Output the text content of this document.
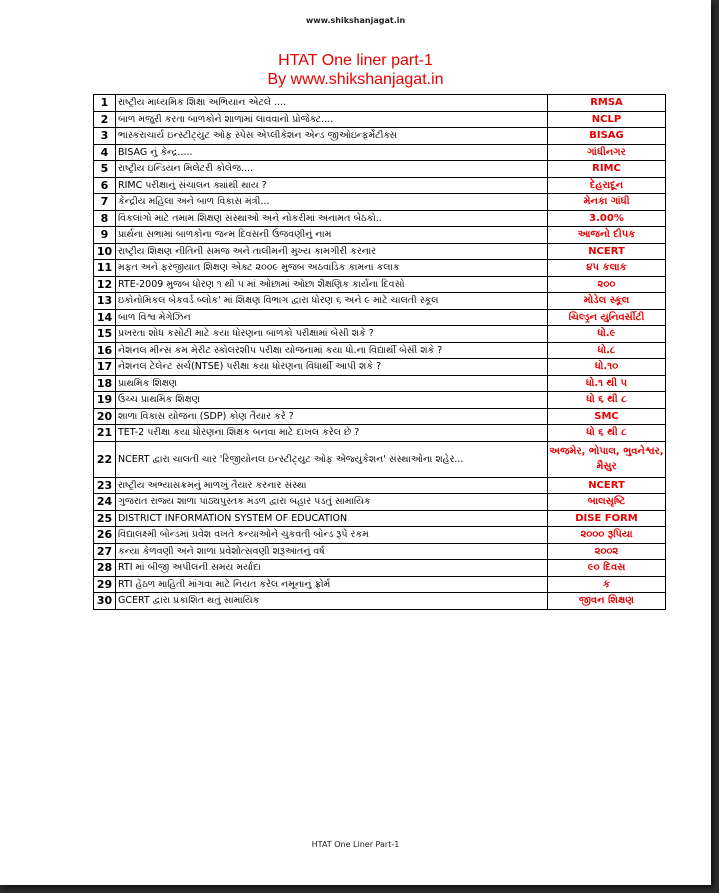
www.shikshanjagat.in
HTAT One liner part-1
By www.shikshanjagat.in
1	રાષ્ટ્રીય માધ્યમિક શિક્ષા અભિયાન એટલે ....	RMSA
2	બાળ મજુરી કરતા બાળકોને શાળામાં લાવવાનો પ્રોજેક્ટ....	NCLP
3	ભાસ્કરાચાર્ય ઇન્સ્ટીટ્યુટ ઓફ સ્પેસ એપ્લીકેશન એન્ડ જીઓઇન્ફર્મેટીક્સ	BISAG
4	BISAG નું કેન્દ્ર.....	ગાંધીનગર
5	રાષ્ટ્રીય ઇન્ડિયન મિલેટરી કોલેજ....	RIMC
6	RIMC પરીક્ષાનું સંચાલન ક્યાંથી થાય ?	દેહરાદૂન
7	કેન્દ્રીય મહિલા અને બાળ વિકાસ મંત્રી...	મેનકા ગાંધી
8	વિકલાંગો માટે તમામ શિક્ષણ સંસ્થાઓ અને નોકરીમાં અનામત બેઠકો..	3.00%
9	પ્રાર્થના સભામાં બાળકોના જન્મ દિવસની ઉજવણીનું નામ	આજનો દીપક
10	રાષ્ટ્રીય શિક્ષણ નીતિની સમજ અને તાલીમની મુખ્ય કામગીરી કરનાર	NCERT
11	મફત અને ફરજીયાત શિક્ષણ એક્ટ ૨૦૦૯ મુજબ અઠવાડિક કામના કલાક	૪૫ કલાક
12	RTE-2009 મુજબ ધોરણ ૧ થી ૫ માં ઓછામાં ઓછા શૈક્ષણિક કાર્યના દિવસો	૨૦૦
13	ઇકોનોમિકલ બેકવર્ડ બ્લોક' માં શિક્ષણ વિભાગ દ્વારા ધોરણ ૬ અને ૯ માટે ચાલતી સ્કૂલ	મોડેલ સ્કૂલ
14	બાળ વિશ્વ મેગેઝિન	ચિલ્ડ્રન યુનિવર્સીટી
15	પ્રખરતા શોધ કસોટી માટે કયા ધોરણના બાળકો પરીક્ષામાં બેસી શકે ?	ધો.૯
16	નેશનલ મીન્સ કમ મેરીટ સ્કોલરશીપ પરીક્ષા યોજનામાં કયા ધો.ના વિદ્યાર્થી બેસી શકે ?	ધો.૮
17	નેશનલ ટેલેન્ટ સર્ચ(NTSE) પરીક્ષા કયા ધોરણના વિધાર્થી આપી શકે ?	ધો.૧૦
18	પ્રાથમિક શિક્ષણ	ધો.૧ થી ૫
19	ઉચ્ચ પ્રાથમિક શિક્ષણ	ધો ૬ થી ૮
20	શાળા વિકાસ યોજના (SDP) કોણ તૈયાર કરે ?	SMC
21	TET-2 પરીક્ષા કયા ધોરણના શિક્ષક બનવા માટે દાખલ કરેલ છે ?	ધો ૬ થી ૮
22	NCERT દ્વારા ચાલતી ચાર 'રિજીયોનલ ઇન્સ્ટીટ્યુટ ઓફ એજ્યુકેશન' સંસ્થાઓના શહેર...	અજમેર, ભોપાલ, ભુવનેશ્વર, મૈસુર
23	રાષ્ટ્રીય અભ્યાસક્રમનું માળખું તૈયાર કરનાર સંસ્થા	NCERT
24	ગુજરાત રાજ્ય શાળા પાઠ્યપુસ્તક મંડળ દ્વારા બહાર પડતું સામાયિક	બાલસૃષ્ટિ
25	DISTRICT INFORMATION SYSTEM OF EDUCATION	DISE FORM
26	વિદ્યાલક્ષ્મી બોન્ડમાં પ્રવેશ વખતે કન્યાઓને ચુકવતી બોન્ડ રૂપે રકમ	૨૦૦૦ રૂપિયા
27	કન્યા કેળવણી અને શાળા પ્રવેશોત્સવણી શરૂઆતનું વર્ષ	૨૦૦૨
28	RTI માં બીજી અપીલની સમય મર્યાદા	૯૦ દિવસ
29	RTI હેઠળ માહિતી માંગવા માટે નિયત કરેલ નમૂનાનું ફ્રોર્મ	ક
30	GCERT દ્વારા પ્રકાશિત થતું સામાયિક	જીવન શિક્ષણ
HTAT One Liner Part-1
